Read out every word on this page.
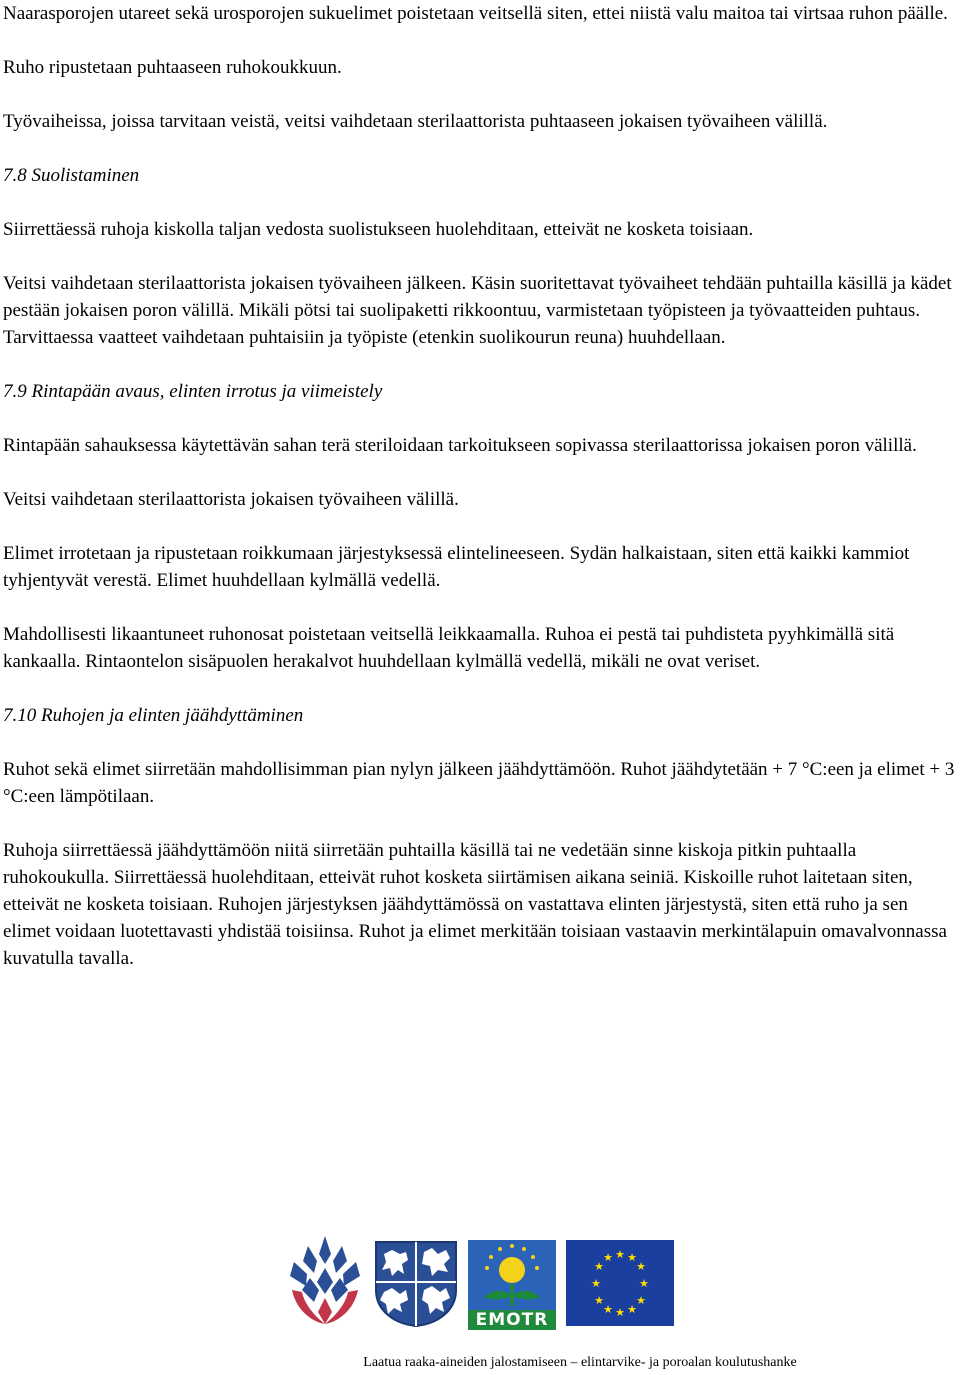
Naarasporojen utareet sekä urosporojen sukuelimet poistetaan veitsellä siten, ettei niistä valu maitoa tai virtsaa ruhon päälle.

Ruho ripustetaan puhtaaseen ruhokoukkuun.

Työvaiheissa, joissa tarvitaan veistä, veitsi vaihdetaan sterilaattorista puhtaaseen jokaisen työvaiheen välillä.

7.8 Suolistaminen

Siirrettäessä ruhoja kiskolla taljan vedosta suolistukseen huolehditaan, etteivät ne kosketa toisiaan.

Veitsi vaihdetaan sterilaattorista jokaisen työvaiheen jälkeen. Käsin suoritettavat työvaiheet tehdään puhtailla käsillä ja kädet pestään jokaisen poron välillä. Mikäli pötsi tai suolipaketti rikkoontuu, varmistetaan työpisteen ja työvaatteiden puhtaus. Tarvittaessa vaatteet vaihdetaan puhtaisiin ja työpiste (etenkin suolikourun reuna) huuhdellaan.

7.9 Rintapään avaus, elinten irrotus ja viimeistely

Rintapään sahauksessa käytettävän sahan terä steriloidaan tarkoitukseen sopivassa sterilaattorissa jokaisen poron välillä.

Veitsi vaihdetaan sterilaattorista jokaisen työvaiheen välillä.

Elimet irrotetaan ja ripustetaan roikkumaan järjestyksessä elintelineeseen. Sydän halkaistaan, siten että kaikki kammiot tyhjentyvät verestä. Elimet huuhdellaan kylmällä vedellä.

Mahdollisesti likaantuneet ruhonosat poistetaan veitsellä leikkaamalla. Ruhoa ei pestä tai puhdisteta pyyhkimällä sitä kankaalla. Rintaontelon sisäpuolen herakalvot huuhdellaan kylmällä vedellä, mikäli ne ovat veriset.

7.10 Ruhojen ja elinten jäähdyttäminen

Ruhot sekä elimet siirretään mahdollisimman pian nylyn jälkeen jäähdyttämöön. Ruhot jäähdytetään + 7 °C:een ja elimet + 3 °C:een lämpötilaan.

Ruhoja siirrettäessä jäähdyttämöön niitä siirretään puhtailla käsillä tai ne vedetään sinne kiskoja pitkin puhtaalla ruhokoukulla. Siirrettäessä huolehditaan, etteivät ruhot kosketa siirtämisen aikana seiniä. Kiskoille ruhot laitetaan siten, etteivät ne kosketa toisiaan. Ruhojen järjestyksen jäähdyttämössä on vastattava elinten järjestystä, siten että ruho ja sen elimet voidaan luotettavasti yhdistää toisiinsa. Ruhot ja elimet merkitään toisiaan vastaavin merkintälapuin omavalvonnassa kuvatulla tavalla.

EMOTR
★ ★
★
★
★
★
★
★
★
★
★
★
Laatua raaka-aineiden jalostamiseen – elintarvike- ja poroalan koulutushanke
